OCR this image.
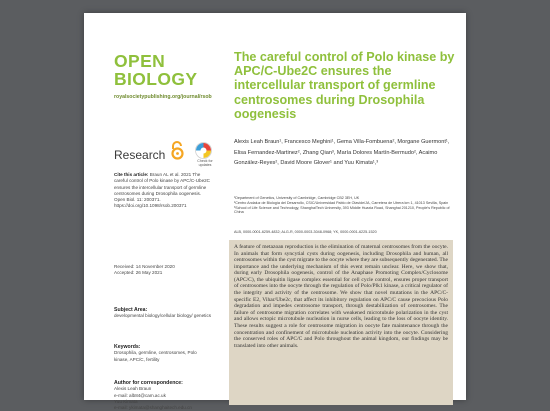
OPEN
BIOLOGY
royalsocietypublishing.org/journal/rsob
Research	Check for updates
Cite this article: Braun AL et al. 2021 The careful control of Polo kinase by APC/C-Ube2C ensures the intercellular transport of germline centrosomes during Drosophila oogenesis. Open Biol. 11: 200371. https://doi.org/10.1098/rsob.200371
Received: 14 November 2020
Accepted: 26 May 2021
Subject Area:
developmental biology/cellular biology/ genetics
Keywords:
Drosophila, germline, centrosomes, Polo kinase, APC/C, fertility
Author for correspondence:
Alexis Leah Braun
e-mail: alb84@cam.ac.uk
Yuu Kimata
e-mail: ykimata@shanghaitech.edu.cn
The careful control of Polo kinase by APC/C-Ube2C ensures the intercellular transport of germline centrosomes during Drosophila oogenesis
Alexis Leah Braun¹, Francesco Meghini¹, Gema Villa-Fombuena², Morgane Guermont¹, Elisa Fernandez-Martinez², Zhang Qian³, María Dolores Martín-Bermudo², Acaimo González-Reyes², David Moore Glover¹ and Yuu Kimata¹,³
¹Department of Genetics, University of Cambridge, Cambridge CB2 3EH, UK
²Centro Andaluz de Biología del Desarrollo, CSIC/Universidad Pablo de Olavide/JA, Carretera de Utrera km 1, 41013 Sevilla, Spain
³School of Life Science and Technology, ShanghaiTech University, 393 Middle Huaxia Road, Shanghai 201210, People's Republic of China
ALB, 0000-0001-6259-4832; ALG-R, 0000-0003-3048-0968; YK, 0000-0001-6225-1520
A feature of metazoan reproduction is the elimination of maternal centrosomes from the oocyte. In animals that form syncytial cysts during oogenesis, including Drosophila and human, all centrosomes within the cyst migrate to the oocyte where they are subsequently degenerated. The importance and the underlying mechanism of this event remain unclear. Here, we show that, during early Drosophila oogenesis, control of the Anaphase Promoting Complex/Cyclosome (APC/C), the ubiquitin ligase complex essential for cell cycle control, ensures proper transport of centrosomes into the oocyte through the regulation of Polo/Plk1 kinase, a critical regulator of the integrity and activity of the centrosome. We show that novel mutations in the APC/C-specific E2, Vihar/Ube2c, that affect its inhibitory regulation on APC/C cause precocious Polo degradation and impedes centrosome transport, through destabilization of centrosomes. The failure of centrosome migration correlates with weakened microtubule polarization in the cyst and allows ectopic microtubule nucleation in nurse cells, leading to the loss of oocyte identity. These results suggest a role for centrosome migration in oocyte fate maintenance through the concentration and confinement of microtubule nucleation activity into the oocyte. Considering the conserved roles of APC/C and Polo throughout the animal kingdom, our findings may be translated into other animals.
